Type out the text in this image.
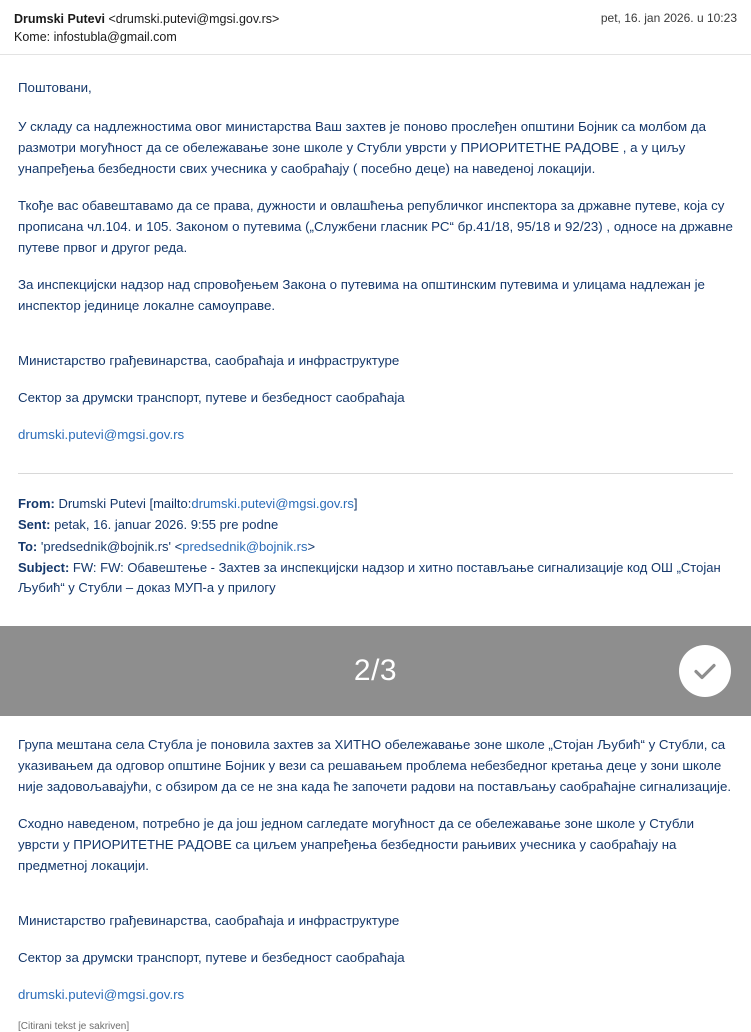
Drumski Putevi <drumski.putevi@mgsi.gov.rs>
Kome: infostubla@gmail.com
pet, 16. jan 2026. u 10:23

Поштовани,

У складу са надлежностима овог министарства Ваш захтев је поново прослеђен општини Бојник са молбом да размотри могућност да се обележавање зоне школе у Стубли уврсти у ПРИОРИТЕТНЕ РАДОВЕ , а у циљу унапређења безбедности свих учесника у саобраћају ( посебно деце) на наведеној локацији.

Ткође вас обавештавамо да се права, дужности и овлашћења републичког инспектора за државне путеве, која су прописана чл.104. и 105. Законом о путевима („Службени гласник РС“ бр.41/18, 95/18 и 92/23) , односе на државне путеве првог и другог реда.

За инспекцијски надзор над спровођењем Закона о путевима на општинским путевима и улицама надлежан је инспектор јединице локалне самоуправе.

Министарство грађевинарства, саобраћаја и инфраструктуре

Сектор за друмски транспорт, путеве и безбедност саобраћаја

drumski.putevi@mgsi.gov.rs

From: Drumski Putevi [mailto:drumski.putevi@mgsi.gov.rs]
Sent: petak, 16. januar 2026. 9:55 pre podne
To: 'predsednik@bojnik.rs' <predsednik@bojnik.rs>
Subject: FW: FW: Обавештење - Захтев за инспекцијски надзор и хитно постављање сигнализације код ОШ „Стојан Љубић“ у Стубли – доказ МУП-а у прилогу

2/3

Група мештана села Стубла је поновила захтев за ХИТНО обележавање зоне школе „Стојан Љубић“ у Стубли, са указивањем да одговор општине Бојник у вези са решавањем проблема небезбедног кретања деце у зони школе није задовољавајући, с обзиром да се не зна када ће започети радови на постављању саобраћајне сигнализације.

Сходно наведеном, потребно је да још једном сагледате могућност да се обележавање зоне школе у Стубли уврсти у ПРИОРИТЕТНЕ РАДОВЕ са циљем унапређења безбедности рањивих учесника у саобраћају на предметној локацији.

Министарство грађевинарства, саобраћаја и инфраструктуре

Сектор за друмски транспорт, путеве и безбедност саобраћаја

drumski.putevi@mgsi.gov.rs

[Citirani tekst je sakriven]
